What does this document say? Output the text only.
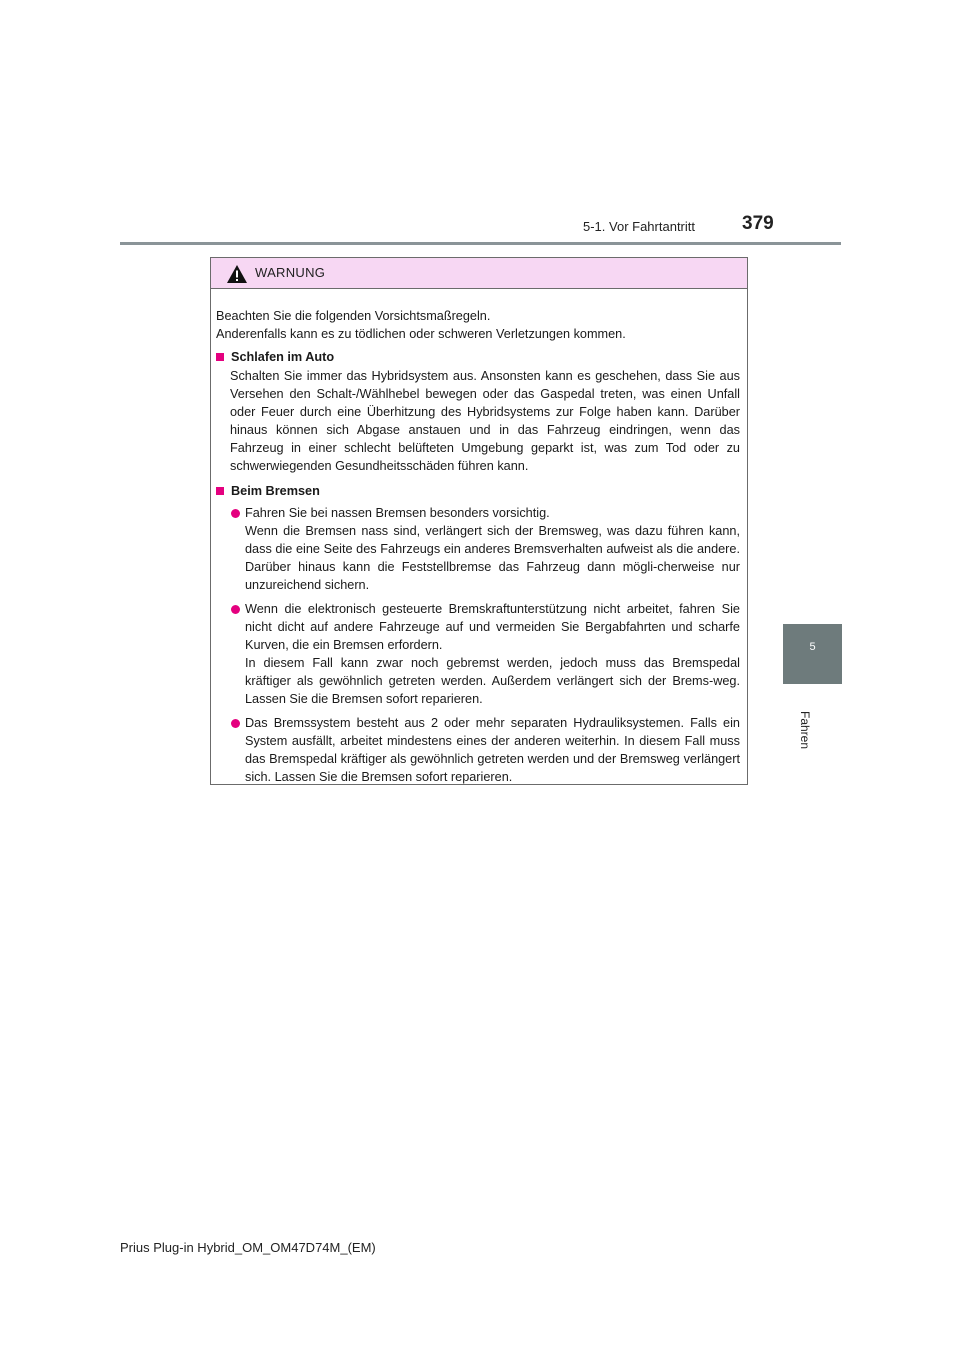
5-1. Vor Fahrtantritt 379
5
Fahren
WARNUNG
Beachten Sie die folgenden Vorsichtsmaßregeln.
Anderenfalls kann es zu tödlichen oder schweren Verletzungen kommen.
Schlafen im Auto
Schalten Sie immer das Hybridsystem aus. Ansonsten kann es geschehen, dass Sie aus Versehen den Schalt-/Wählhebel bewegen oder das Gaspedal treten, was einen Unfall oder Feuer durch eine Überhitzung des Hybridsystems zur Folge haben kann. Darüber hinaus können sich Abgase anstauen und in das Fahrzeug eindringen, wenn das Fahrzeug in einer schlecht belüfteten Umgebung geparkt ist, was zum Tod oder zu schwerwiegenden Gesundheitsschäden führen kann.
Beim Bremsen
Fahren Sie bei nassen Bremsen besonders vorsichtig.
Wenn die Bremsen nass sind, verlängert sich der Bremsweg, was dazu führen kann, dass die eine Seite des Fahrzeugs ein anderes Bremsverhalten aufweist als die andere. Darüber hinaus kann die Feststellbremse das Fahrzeug dann mögli-cherweise nur unzureichend sichern.
Wenn die elektronisch gesteuerte Bremskraftunterstützung nicht arbeitet, fahren Sie nicht dicht auf andere Fahrzeuge auf und vermeiden Sie Bergabfahrten und scharfe Kurven, die ein Bremsen erfordern.
In diesem Fall kann zwar noch gebremst werden, jedoch muss das Bremspedal kräftiger als gewöhnlich getreten werden. Außerdem verlängert sich der Brems-weg. Lassen Sie die Bremsen sofort reparieren.
Das Bremssystem besteht aus 2 oder mehr separaten Hydrauliksystemen. Falls ein System ausfällt, arbeitet mindestens eines der anderen weiterhin. In diesem Fall muss das Bremspedal kräftiger als gewöhnlich getreten werden und der Bremsweg verlängert sich. Lassen Sie die Bremsen sofort reparieren.
Prius Plug-in Hybrid_OM_OM47D74M_(EM)
